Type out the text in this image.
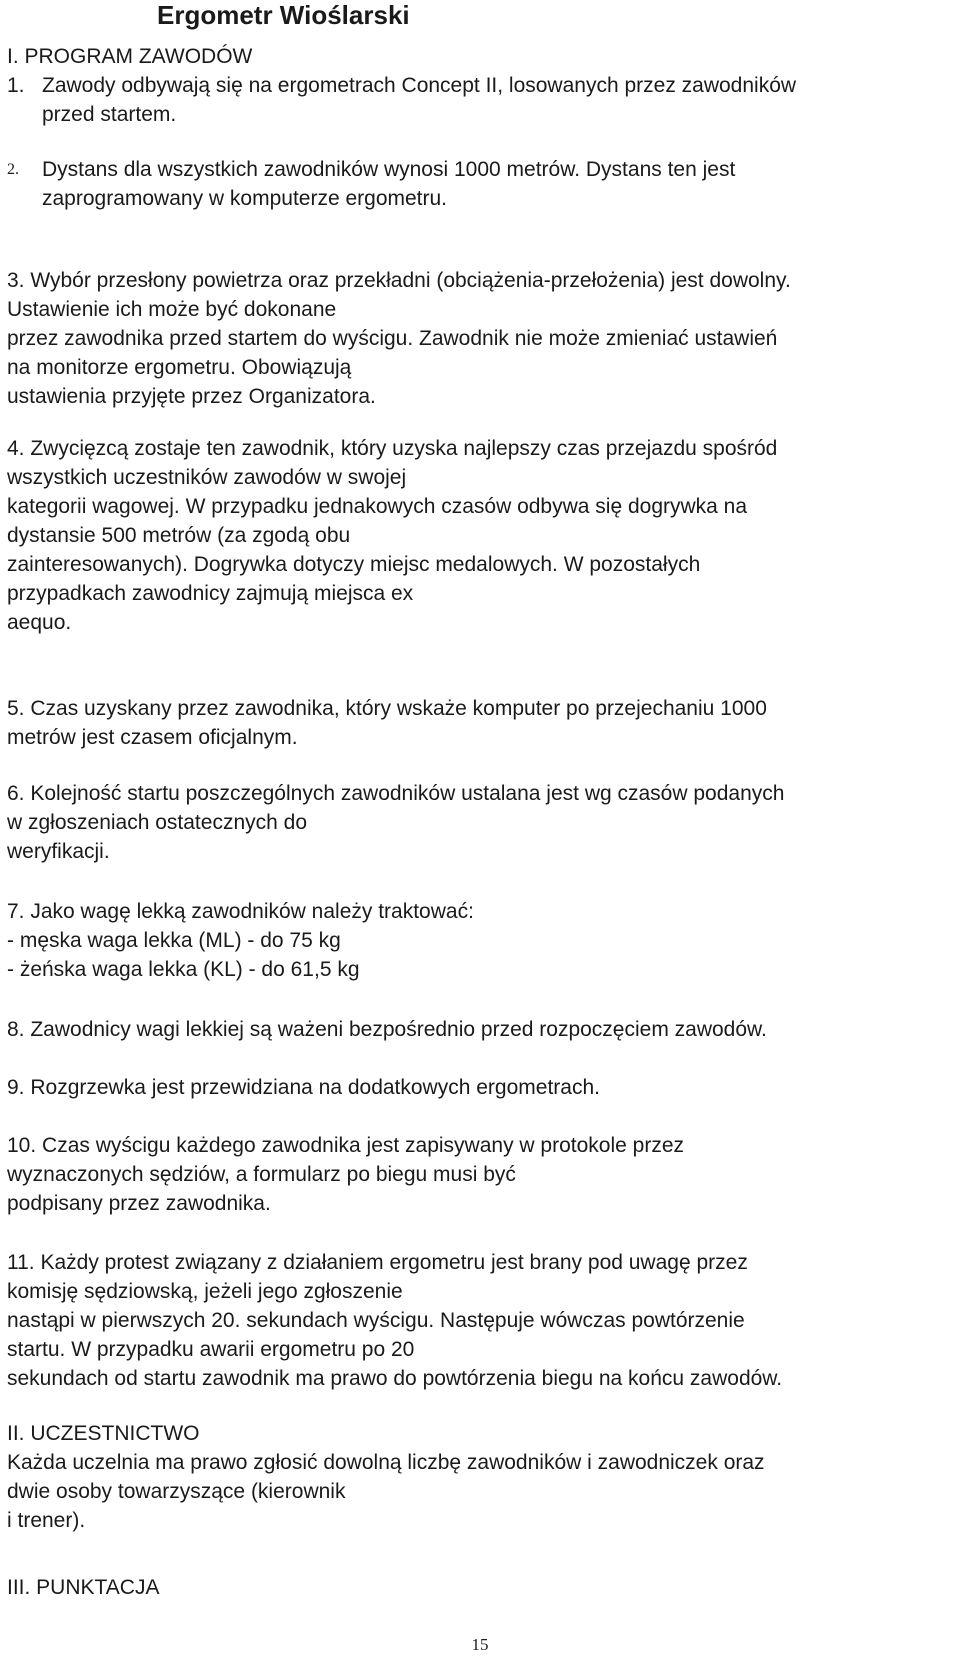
Ergometr Wioślarski

I. PROGRAM ZAWODÓW

1. Zawody odbywają się na ergometrach Concept II, losowanych przez zawodników
przed startem.
2.	Dystans dla wszystkich zawodników wynosi 1000 metrów. Dystans ten jest
zaprogramowany w komputerze ergometru.
3. Wybór przesłony powietrza oraz przekładni (obciążenia-przełożenia) jest dowolny.
Ustawienie ich może być dokonane
przez zawodnika przed startem do wyścigu. Zawodnik nie może zmieniać ustawień
na monitorze ergometru. Obowiązują
ustawienia przyjęte przez Organizatora.
4. Zwycięzcą zostaje ten zawodnik, który uzyska najlepszy czas przejazdu spośród
wszystkich uczestników zawodów w swojej
kategorii wagowej. W przypadku jednakowych czasów odbywa się dogrywka na
dystansie 500 metrów (za zgodą obu
zainteresowanych). Dogrywka dotyczy miejsc medalowych. W pozostałych
przypadkach zawodnicy zajmują miejsca ex
aequo.
5. Czas uzyskany przez zawodnika, który wskaże komputer po przejechaniu 1000
metrów jest czasem oficjalnym.
6. Kolejność startu poszczególnych zawodników ustalana jest wg czasów podanych
w zgłoszeniach ostatecznych do
weryfikacji.
7. Jako wagę lekką zawodników należy traktować:
- męska waga lekka (ML) - do 75 kg
- żeńska waga lekka (KL) - do 61,5 kg
8. Zawodnicy wagi lekkiej są ważeni bezpośrednio przed rozpoczęciem zawodów.
9. Rozgrzewka jest przewidziana na dodatkowych ergometrach.
10. Czas wyścigu każdego zawodnika jest zapisywany w protokole przez
wyznaczonych sędziów, a formularz po biegu musi być
podpisany przez zawodnika.
11. Każdy protest związany z działaniem ergometru jest brany pod uwagę przez
komisję sędziowską, jeżeli jego zgłoszenie
nastąpi w pierwszych 20. sekundach wyścigu. Następuje wówczas powtórzenie
startu. W przypadku awarii ergometru po 20
sekundach od startu zawodnik ma prawo do powtórzenia biegu na końcu zawodów.

II. UCZESTNICTWO

Każda uczelnia ma prawo zgłosić dowolną liczbę zawodników i zawodniczek oraz
dwie osoby towarzyszące (kierownik
i trener).

III. PUNKTACJA

15
